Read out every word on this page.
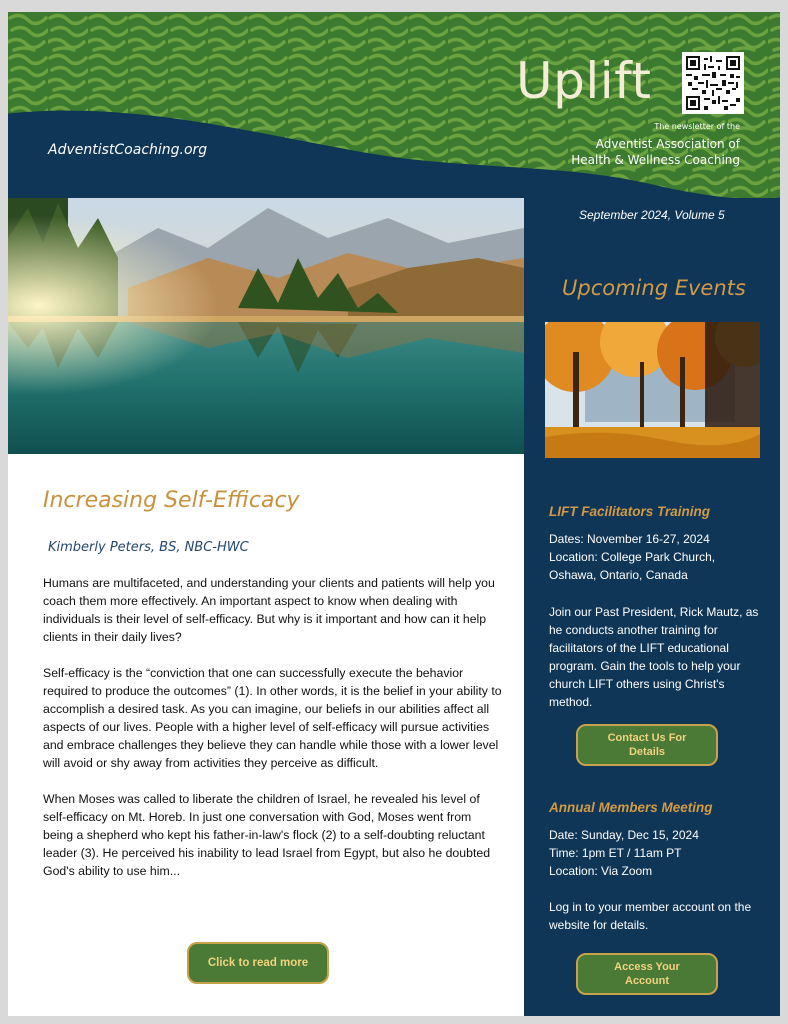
AdventistCoaching.org
Uplift
The newsletter of the
Adventist Association of
Health & Wellness Coaching
Increasing Self-Efficacy
Kimberly Peters, BS, NBC-HWC

Humans are multifaceted, and understanding your clients and patients will help you coach them more effectively. An important aspect to know when dealing with individuals is their level of self-efficacy. But why is it important and how can it help clients in their daily lives?

Self-efficacy is the “conviction that one can successfully execute the behavior required to produce the outcomes” (1). In other words, it is the belief in your ability to accomplish a desired task. As you can imagine, our beliefs in our abilities affect all aspects of our lives. People with a higher level of self-efficacy will pursue activities and embrace challenges they believe they can handle while those with a lower level will avoid or shy away from activities they perceive as difficult.

When Moses was called to liberate the children of Israel, he revealed his level of self-efficacy on Mt. Horeb. In just one conversation with God, Moses went from being a shepherd who kept his father-in-law's flock (2) to a self-doubting reluctant leader (3). He perceived his inability to lead Israel from Egypt, but also he doubted God's ability to use him...

Click to read more
September 2024, Volume 5
Upcoming Events
LIFT Facilitators Training
Dates: November 16-27, 2024
Location: College Park Church,
Oshawa, Ontario, Canada
Join our Past President, Rick Mautz, as he conducts another training for facilitators of the LIFT educational program. Gain the tools to help your church LIFT others using Christ's method.
Contact Us For Details
Annual Members Meeting
Date: Sunday, Dec 15, 2024
Time: 1pm ET / 11am PT
Location: Via Zoom
Log in to your member account on the website for details.
Access Your Account
